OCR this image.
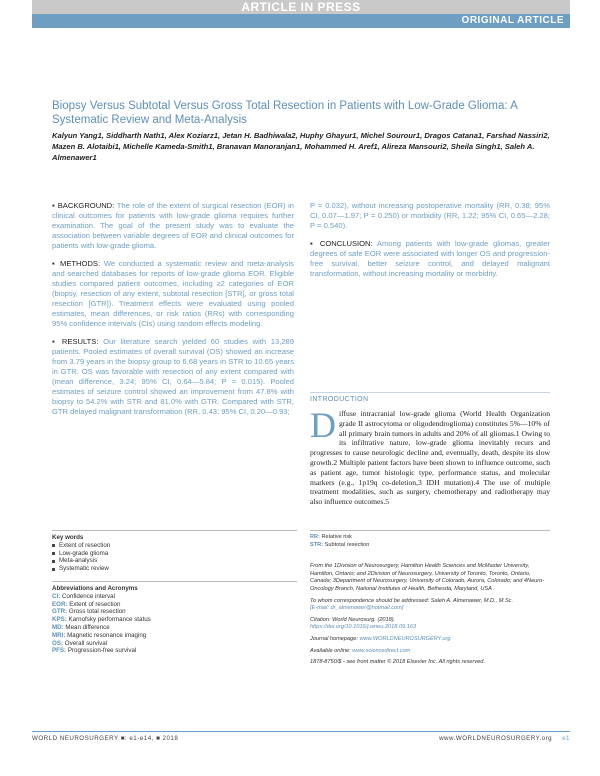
ARTICLE IN PRESS
ORIGINAL ARTICLE
Biopsy Versus Subtotal Versus Gross Total Resection in Patients with Low-Grade Glioma: A Systematic Review and Meta-Analysis
Kalyun Yang1, Siddharth Nath1, Alex Koziarz1, Jetan H. Badhiwala2, Huphy Ghayur1, Michel Sourour1, Dragos Catana1, Farshad Nassiri2, Mazen B. Alotaibi1, Michelle Kameda-Smith1, Branavan Manoranjan1, Mohammed H. Aref1, Alireza Mansouri2, Sheila Singh1, Saleh A. Almenawer1

▪ BACKGROUND: The role of the extent of surgical resection (EOR) in clinical outcomes for patients with low-grade glioma requires further examination. The goal of the present study was to evaluate the association between variable degrees of EOR and clinical outcomes for patients with low-grade glioma.

▪ METHODS: We conducted a systematic review and meta-analysis and searched databases for reports of low-grade glioma EOR. Eligible studies compared patient outcomes, including ≥2 categories of EOR (biopsy, resection of any extent, subtotal resection [STR], or gross total resection [GTR]). Treatment effects were evaluated using pooled estimates, mean differences, or risk ratios (RRs) with corresponding 95% confidence intervals (CIs) using random effects modeling.

▪ RESULTS: Our literature search yielded 60 studies with 13,289 patients. Pooled estimates of overall survival (OS) showed an increase from 3.79 years in the biopsy group to 6.68 years in STR to 10.65 years in GTR. OS was favorable with resection of any extent compared with (mean difference, 3.24; 95% CI, 0.64—5.84; P = 0.015). Pooled estimates of seizure control showed an improvement from 47.8% with biopsy to 54.2% with STR and 81.0% with GTR. Compared with STR, GTR delayed malignant transformation (RR, 0.43; 95% CI, 0.20—0.93;

P = 0.032), without increasing postoperative mortality (RR, 0.38; 95% CI, 0.07—1.97; P = 0.250) or morbidity (RR, 1.22; 95% CI, 0.65—2.28; P = 0.540).

▪ CONCLUSION: Among patients with low-grade gliomas, greater degrees of safe EOR were associated with longer OS and progression-free survival, better seizure control, and delayed malignant transformation, without increasing mortality or morbidity.

INTRODUCTION
Diffuse intracranial low-grade glioma (World Health Organization grade II astrocytoma or oligodendroglioma) constitutes 5%—10% of all primary brain tumors in adults and 20% of all gliomas.1 Owing to its infiltrative nature, low-grade glioma inevitably recurs and progresses to cause neurologic decline and, eventually, death, despite its slow growth.2 Multiple patient factors have been shown to influence outcome, such as patient age, tumor histologic type, performance status, and molecular markers (e.g., 1p19q co-deletion,3 IDH mutation).4 The use of multiple treatment modalities, such as surgery, chemotherapy and radiotherapy may also influence outcomes.5
Key words
Extent of resection
Low-grade glioma
Meta-analysis
Systematic review
Abbreviations and Acronyms
CI: Confidence interval
EOR: Extent of resection
GTR: Gross total resection
KPS: Karnofsky performance status
MD: Mean difference
MRI: Magnetic resonance imaging
OS: Overall survival
PFS: Progression-free survival
RR: Relative risk
STR: Subtotal resection
From the 1Division of Neurosurgery, Hamilton Health Sciences and McMaster University, Hamilton, Ontario; and 2Division of Neurosurgery, University of Toronto, Toronto, Ontario, Canada; 3Department of Neurosurgery, University of Colorado, Aurora, Colorado; and 4Neuro-Oncology Branch, National Institutes of Health, Bethesda, Maryland, USA
To whom correspondence should be addressed: Saleh A. Almenawer, M.D., M.Sc.
[E-mail: dr_almenawer@hotmail.com]
Citation: World Neurosurg. (2018).
https://doi.org/10.1016/j.wneu.2018.09.163
Journal homepage: www.WORLDNEUROSURGERY.org
Available online: www.sciencedirect.com
1878-8750/$ - see front matter © 2018 Elsevier Inc. All rights reserved.
WORLD NEUROSURGERY ■: e1-e14, ■ 2018	www.WORLDNEUROSURGERY.org e1
